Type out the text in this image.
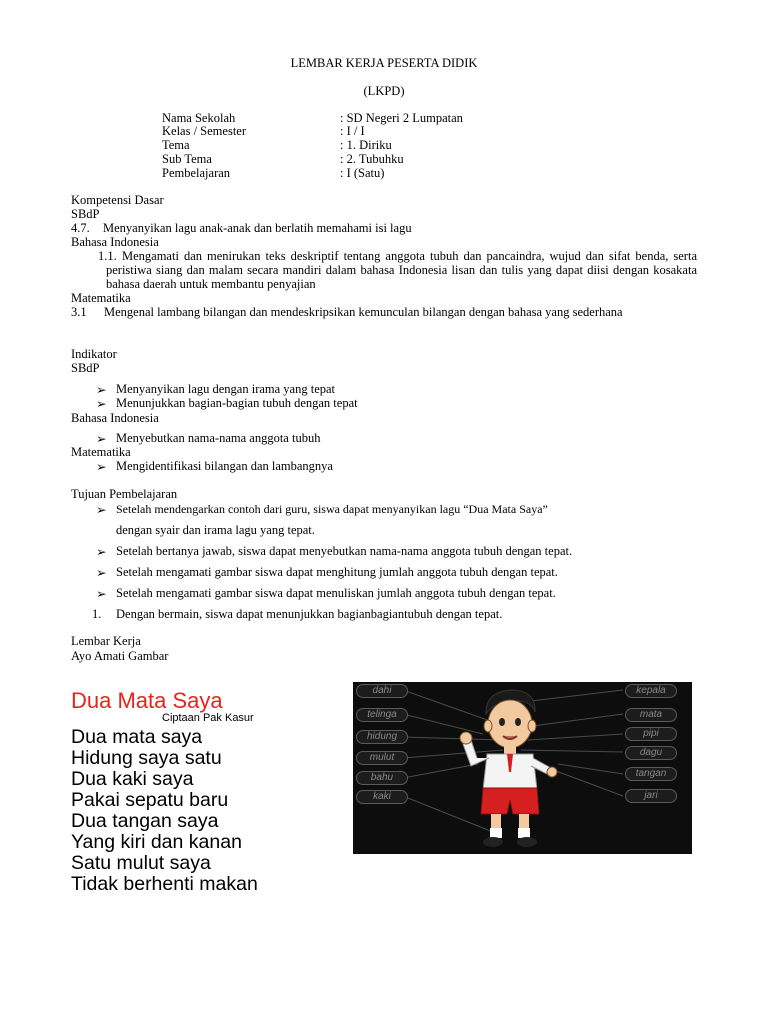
LEMBAR KERJA PESERTA DIDIK
(LKPD)
Nama Sekolah	: SD Negeri 2 Lumpatan
Kelas / Semester	: I / I
Tema	: 1. Diriku
Sub Tema	: 2. Tubuhku
Pembelajaran	: I (Satu)
Kompetensi Dasar
SBdP
4.7. Menyanyikan lagu anak-anak dan berlatih memahami isi lagu
Bahasa Indonesia
1.1. Mengamati dan menirukan teks deskriptif tentang anggota tubuh dan pancaindra, wujud dan sifat benda, serta peristiwa siang dan malam secara mandiri dalam bahasa Indonesia lisan dan tulis yang dapat diisi dengan kosakata bahasa daerah untuk membantu penyajian
Matematika
3.1 Mengenal lambang bilangan dan mendeskripsikan kemunculan bilangan dengan bahasa yang sederhana
Indikator
SBdP
➢ Menyanyikan lagu dengan irama yang tepat
➢ Menunjukkan bagian-bagian tubuh dengan tepat
Bahasa Indonesia
➢ Menyebutkan nama-nama anggota tubuh
Matematika
➢ Mengidentifikasi bilangan dan lambangnya
Tujuan Pembelajaran
➢ Setelah mendengarkan contoh dari guru, siswa dapat menyanyikan lagu “Dua Mata Saya”
dengan syair dan irama lagu yang tepat.
➢ Setelah bertanya jawab, siswa dapat menyebutkan nama-nama anggota tubuh dengan tepat.
➢ Setelah mengamati gambar siswa dapat menghitung jumlah anggota tubuh dengan tepat.
➢ Setelah mengamati gambar siswa dapat menuliskan jumlah anggota tubuh dengan tepat.
1. Dengan bermain, siswa dapat menunjukkan bagianbagiantubuh dengan tepat.
Lembar Kerja
Ayo Amati Gambar
Dua Mata Saya
Ciptaan Pak Kasur
Dua mata saya
Hidung saya satu
Dua kaki saya
Pakai sepatu baru
Dua tangan saya
Yang kiri dan kanan
Satu mulut saya
Tidak berhenti makan
dahi
telinga
hidung
mulut
bahu
kaki
kepala
mata
pipi
dagu
tangan
jari
